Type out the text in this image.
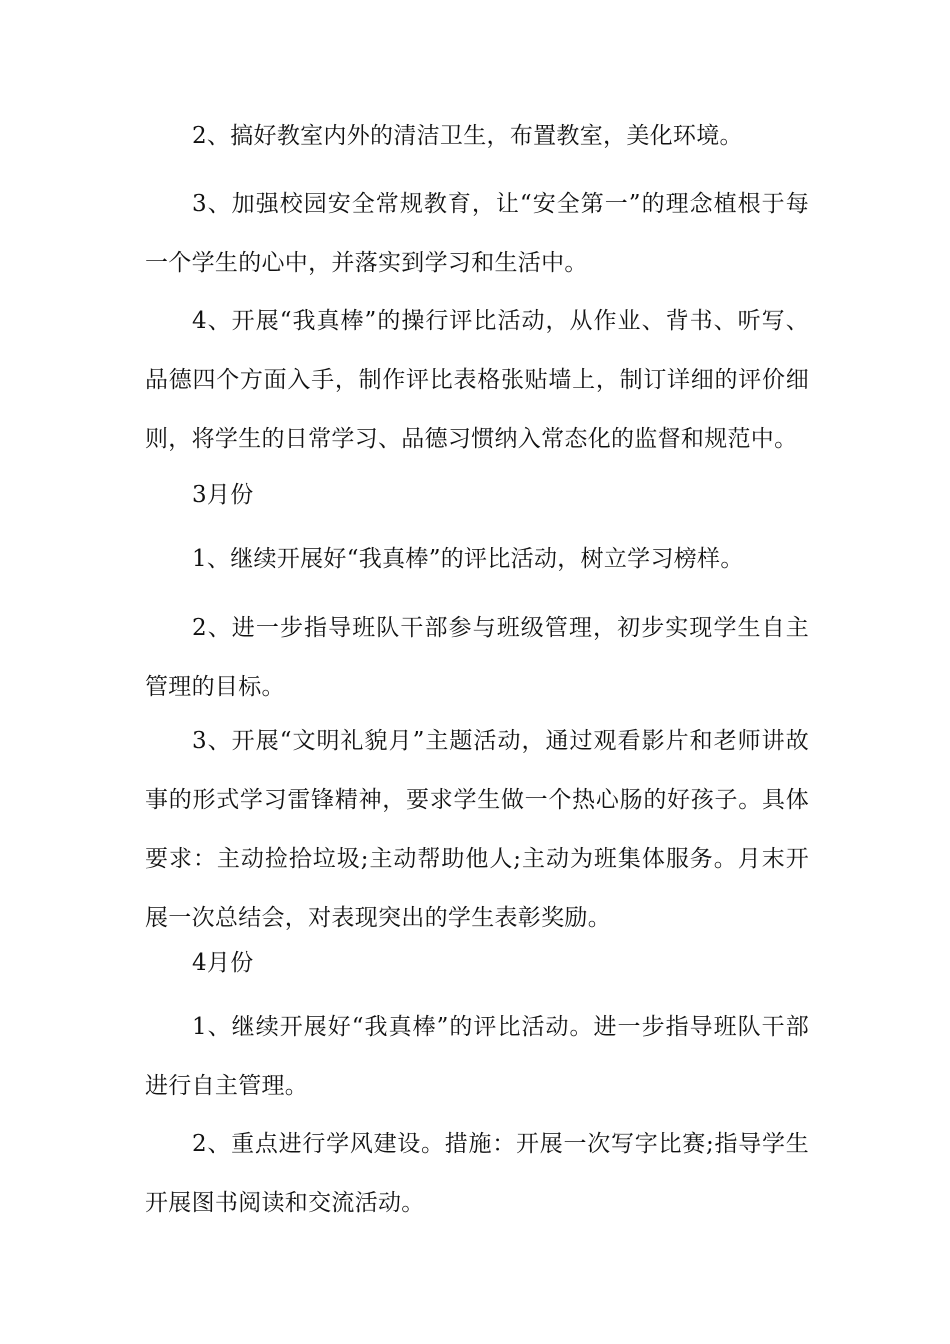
2、搞好教室内外的清洁卫生，布置教室，美化环境。

3、加强校园安全常规教育，让“安全第一”的理念植根于每一个学生的心中，并落实到学习和生活中。

4、开展“我真棒”的操行评比活动，从作业、背书、听写、品德四个方面入手，制作评比表格张贴墙上，制订详细的评价细则，将学生的日常学习、品德习惯纳入常态化的监督和规范中。

3月份

1、继续开展好“我真棒”的评比活动，树立学习榜样。

2、进一步指导班队干部参与班级管理，初步实现学生自主管理的目标。

3、开展“文明礼貌月”主题活动，通过观看影片和老师讲故事的形式学习雷锋精神，要求学生做一个热心肠的好孩子。具体要求：主动捡拾垃圾;主动帮助他人;主动为班集体服务。月末开展一次总结会，对表现突出的学生表彰奖励。

4月份

1、继续开展好“我真棒”的评比活动。进一步指导班队干部进行自主管理。

2、重点进行学风建设。措施：开展一次写字比赛;指导学生开展图书阅读和交流活动。
